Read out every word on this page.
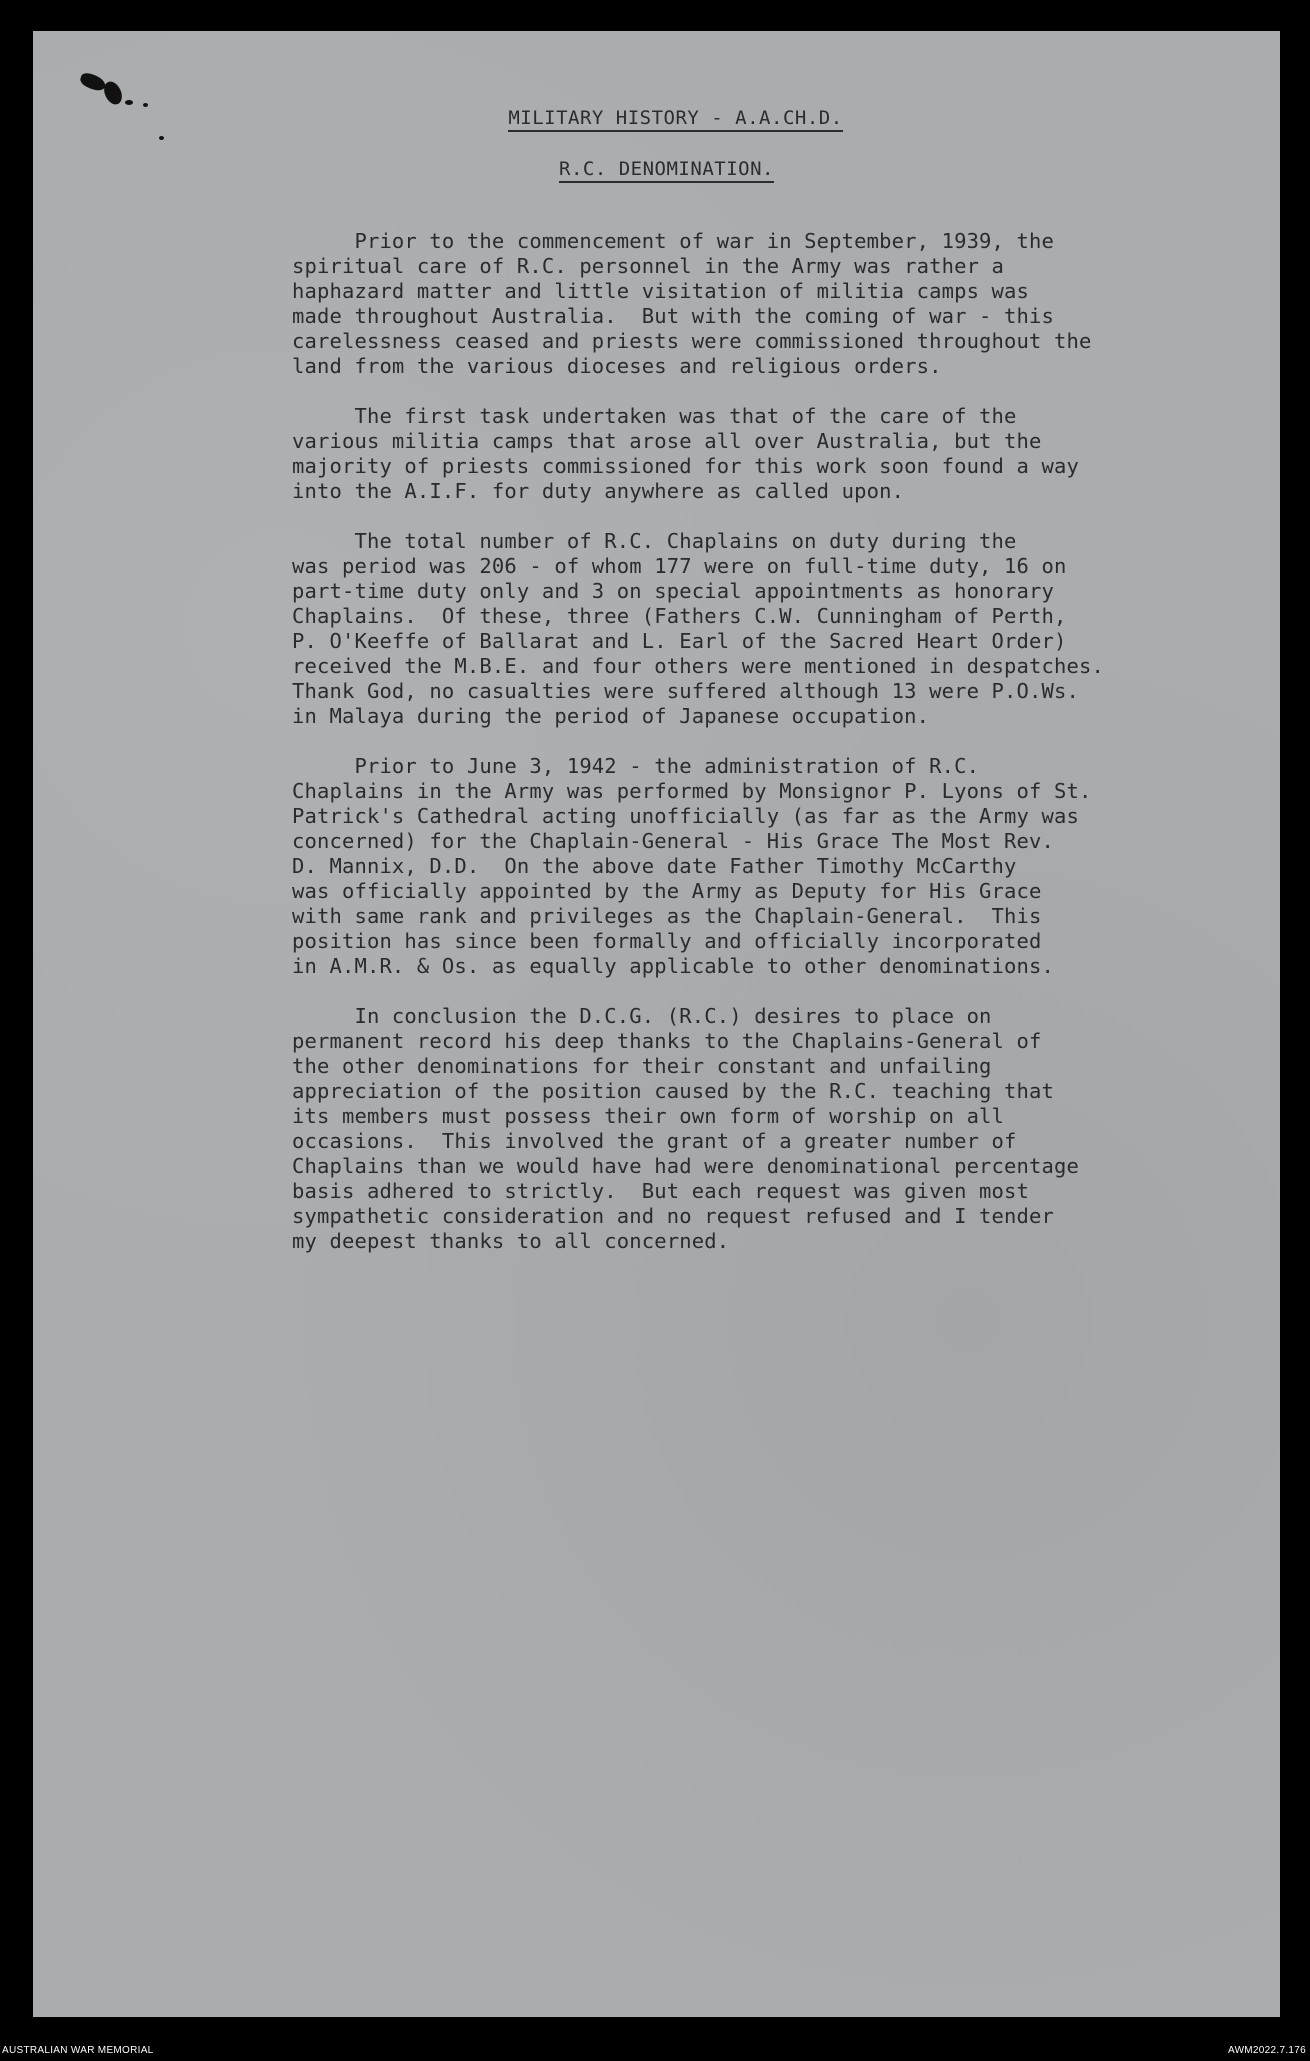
MILITARY HISTORY - A.A.CH.D.
R.C. DENOMINATION.
Prior to the commencement of war in September, 1939, the
spiritual care of R.C. personnel in the Army was rather a
haphazard matter and little visitation of militia camps was
made throughout Australia.  But with the coming of war - this
carelessness ceased and priests were commissioned throughout the
land from the various dioceses and religious orders.
The first task undertaken was that of the care of the
various militia camps that arose all over Australia, but the
majority of priests commissioned for this work soon found a way
into the A.I.F. for duty anywhere as called upon.
The total number of R.C. Chaplains on duty during the
was period was 206 - of whom 177 were on full-time duty, 16 on
part-time duty only and 3 on special appointments as honorary
Chaplains.  Of these, three (Fathers C.W. Cunningham of Perth,
P. O'Keeffe of Ballarat and L. Earl of the Sacred Heart Order)
received the M.B.E. and four others were mentioned in despatches.
Thank God, no casualties were suffered although 13 were P.O.Ws.
in Malaya during the period of Japanese occupation.
Prior to June 3, 1942 - the administration of R.C.
Chaplains in the Army was performed by Monsignor P. Lyons of St.
Patrick's Cathedral acting unofficially (as far as the Army was
concerned) for the Chaplain-General - His Grace The Most Rev.
D. Mannix, D.D.  On the above date Father Timothy McCarthy
was officially appointed by the Army as Deputy for His Grace
with same rank and privileges as the Chaplain-General.  This
position has since been formally and officially incorporated
in A.M.R. & Os. as equally applicable to other denominations.
In conclusion the D.C.G. (R.C.) desires to place on
permanent record his deep thanks to the Chaplains-General of
the other denominations for their constant and unfailing
appreciation of the position caused by the R.C. teaching that
its members must possess their own form of worship on all
occasions.  This involved the grant of a greater number of
Chaplains than we would have had were denominational percentage
basis adhered to strictly.  But each request was given most
sympathetic consideration and no request refused and I tender
my deepest thanks to all concerned.
AUSTRALIAN WAR MEMORIAL	AWM2022.7.176
